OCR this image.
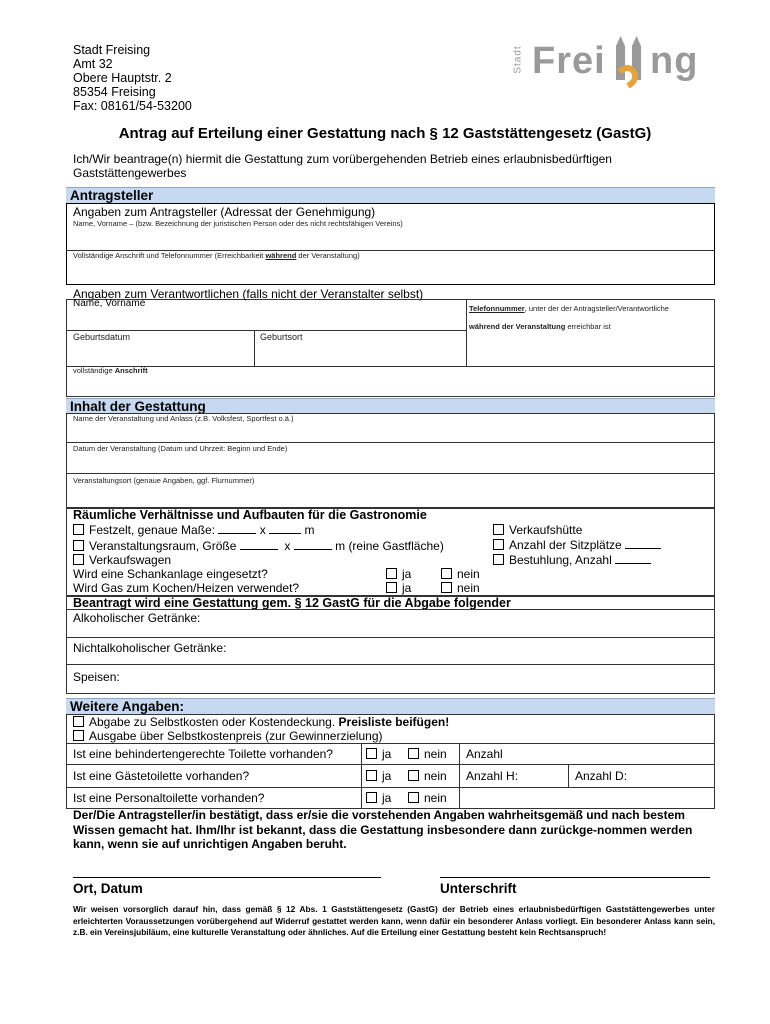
Stadt Freising
Amt 32
Obere Hauptstr. 2
85354 Freising
Fax: 08161/54-53200
Stadt Frei ng
Antrag auf Erteilung einer Gestattung nach § 12 Gaststättengesetz (GastG)
Ich/Wir beantrage(n) hiermit die Gestattung zum vorübergehenden Betrieb eines erlaubnisbedürftigen Gaststättengewerbes
Antragsteller
Angaben zum Antragsteller (Adressat der Genehmigung)
Name, Vorname – (bzw. Bezeichnung der juristischen Person oder des nicht rechtsfähigen Vereins)
Vollständige Anschrift und Telefonnummer (Erreichbarkeit während der Veranstaltung)
Angaben zum Verantwortlichen (falls nicht der Veranstalter selbst)
Name, Vorname	Telefonnummer, unter der der Antragsteller/Verantwortliche
während der Veranstaltung erreichbar ist
Geburtsdatum	Geburtsort
vollständige Anschrift
Inhalt der Gestattung
Name der Veranstaltung und Anlass (z.B. Volksfest, Sportfest o.ä.)
Datum der Veranstaltung (Datum und Uhrzeit: Beginn und Ende)
Veranstaltungsort (genaue Angaben, ggf. Flurnummer)
Räumliche Verhältnisse und Aufbauten für die Gastronomie
Festzelt, genaue Maße:	x	m
Veranstaltungsraum, Größe	x	m (reine Gastfläche)
Verkaufswagen
Verkaufshütte
Anzahl der Sitzplätze
Bestuhlung, Anzahl
Wird eine Schankanlage eingesetzt?	ja	nein
Wird Gas zum Kochen/Heizen verwendet?	ja	nein
Beantragt wird eine Gestattung gem. § 12 GastG für die Abgabe folgender
Alkoholischer Getränke:
Nichtalkoholischer Getränke:
Speisen:
Weitere Angaben:
Abgabe zu Selbstkosten oder Kostendeckung. Preisliste beifügen!
Ausgabe über Selbstkostenpreis (zur Gewinnerzielung)
Ist eine behindertengerechte Toilette vorhanden?	ja	nein Anzahl
Ist eine Gästetoilette vorhanden?	ja	nein Anzahl H:	Anzahl D:
Ist eine Personaltoilette vorhanden?	ja	nein
Der/Die Antragsteller/in bestätigt, dass er/sie die vorstehenden Angaben wahrheitsgemäß und nach bestem Wissen gemacht hat. Ihm/Ihr ist bekannt, dass die Gestattung insbesondere dann zurückge-nommen werden kann, wenn sie auf unrichtigen Angaben beruht.
Ort, Datum	Unterschrift
Wir weisen vorsorglich darauf hin, dass gemäß § 12 Abs. 1 Gaststättengesetz (GastG) der Betrieb eines erlaubnisbedürftigen Gaststättengewerbes unter erleichterten Voraussetzungen vorübergehend auf Widerruf gestattet werden kann, wenn dafür ein besonderer Anlass vorliegt. Ein besonderer Anlass kann sein, z.B. ein Vereinsjubiläum, eine kulturelle Veranstaltung oder ähnliches. Auf die Erteilung einer Gestattung besteht kein Rechtsanspruch!
